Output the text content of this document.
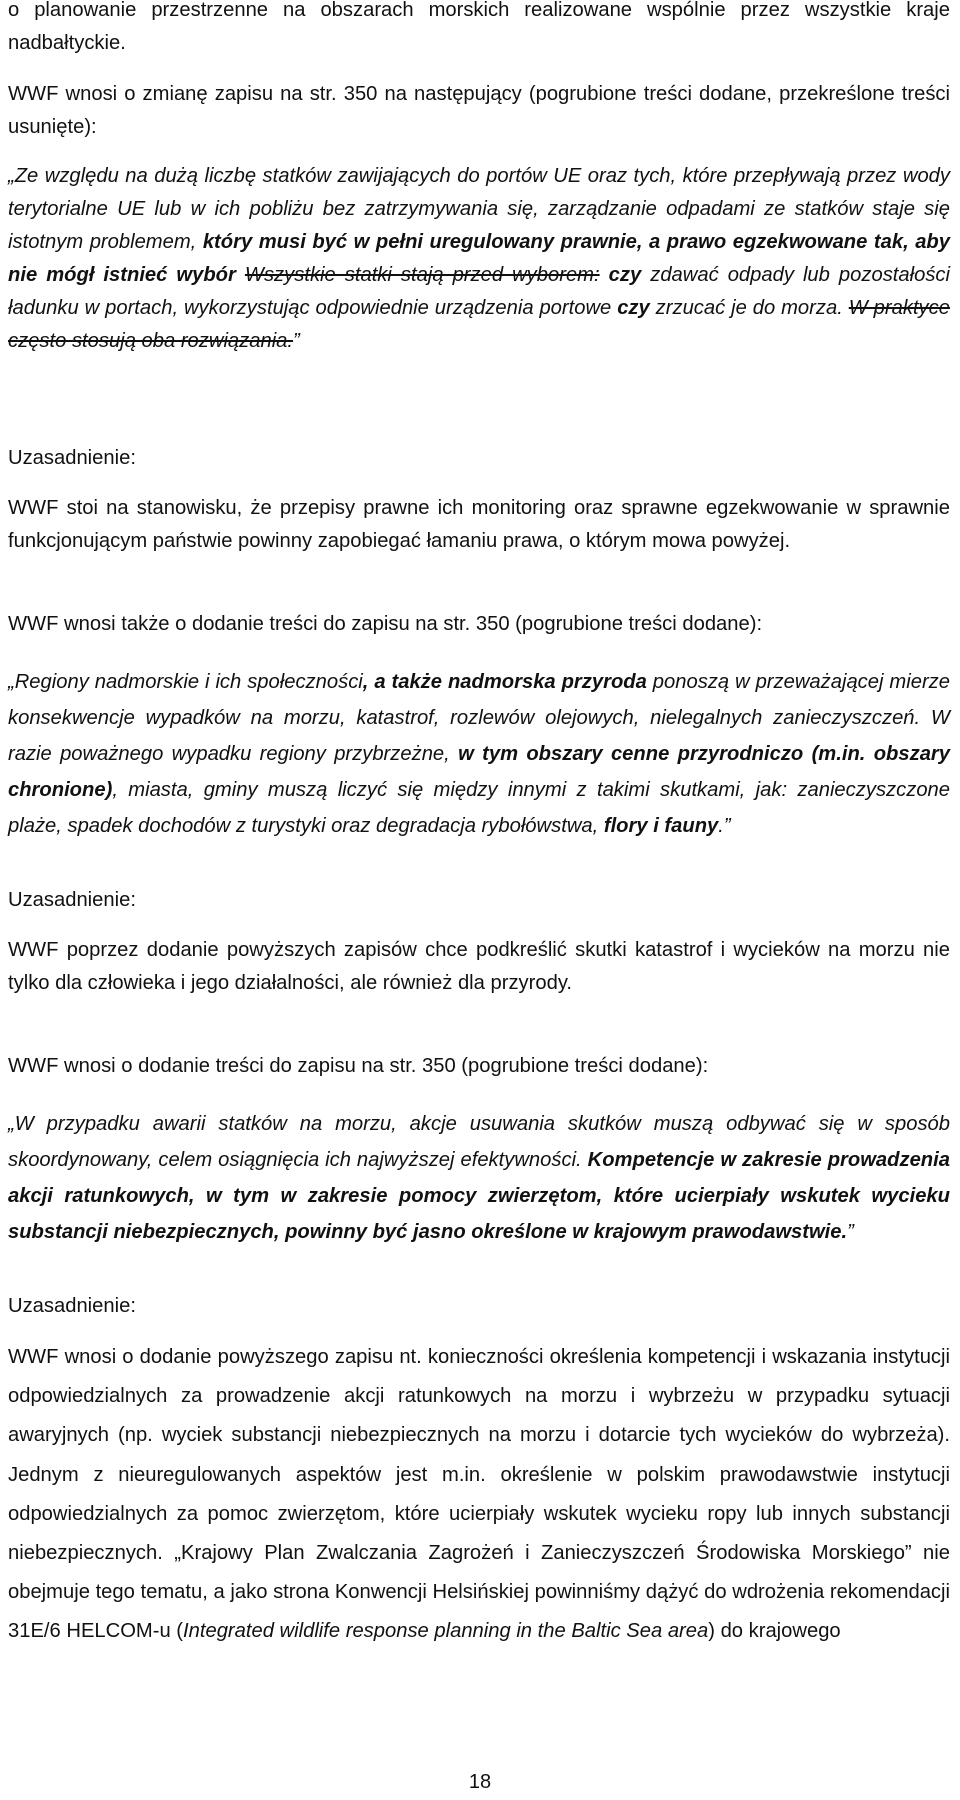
o planowanie przestrzenne na obszarach morskich realizowane wspólnie przez wszystkie kraje nadbałtyckie.

WWF wnosi o zmianę zapisu na str. 350 na następujący (pogrubione treści dodane, przekreślone treści usunięte):

„Ze względu na dużą liczbę statków zawijających do portów UE oraz tych, które przepływają przez wody terytorialne UE lub w ich pobliżu bez zatrzymywania się, zarządzanie odpadami ze statków staje się istotnym problemem, który musi być w pełni uregulowany prawnie, a prawo egzekwowane tak, aby nie mógł istnieć wybór Wszystkie statki stają przed wyborem: czy zdawać odpady lub pozostałości ładunku w portach, wykorzystując odpowiednie urządzenia portowe czy zrzucać je do morza. W praktyce często stosują oba rozwiązania.”

Uzasadnienie:

WWF stoi na stanowisku, że przepisy prawne ich monitoring oraz sprawne egzekwowanie w sprawnie funkcjonującym państwie powinny zapobiegać łamaniu prawa, o którym mowa powyżej.

WWF wnosi także o dodanie treści do zapisu na str. 350 (pogrubione treści dodane):

„Regiony nadmorskie i ich społeczności, a także nadmorska przyroda ponoszą w przeważającej mierze konsekwencje wypadków na morzu, katastrof, rozlewów olejowych, nielegalnych zanieczyszczeń. W razie poważnego wypadku regiony przybrzeżne, w tym obszary cenne przyrodniczo (m.in. obszary chronione), miasta, gminy muszą liczyć się między innymi z takimi skutkami, jak: zanieczyszczone plaże, spadek dochodów z turystyki oraz degradacja rybołówstwa, flory i fauny.”

Uzasadnienie:

WWF poprzez dodanie powyższych zapisów chce podkreślić skutki katastrof i wycieków na morzu nie tylko dla człowieka i jego działalności, ale również dla przyrody.

WWF wnosi o dodanie treści do zapisu na str. 350 (pogrubione treści dodane):

„W przypadku awarii statków na morzu, akcje usuwania skutków muszą odbywać się w sposób skoordynowany, celem osiągnięcia ich najwyższej efektywności. Kompetencje w zakresie prowadzenia akcji ratunkowych, w tym w zakresie pomocy zwierzętom, które ucierpiały wskutek wycieku substancji niebezpiecznych, powinny być jasno określone w krajowym prawodawstwie.”

Uzasadnienie:

WWF wnosi o dodanie powyższego zapisu nt. konieczności określenia kompetencji i wskazania instytucji odpowiedzialnych za prowadzenie akcji ratunkowych na morzu i wybrzeżu w przypadku sytuacji awaryjnych (np. wyciek substancji niebezpiecznych na morzu i dotarcie tych wycieków do wybrzeża). Jednym z nieuregulowanych aspektów jest m.in. określenie w polskim prawodawstwie instytucji odpowiedzialnych za pomoc zwierzętom, które ucierpiały wskutek wycieku ropy lub innych substancji niebezpiecznych. „Krajowy Plan Zwalczania Zagrożeń i Zanieczyszczeń Środowiska Morskiego” nie obejmuje tego tematu, a jako strona Konwencji Helsińskiej powinniśmy dążyć do wdrożenia rekomendacji 31E/6 HELCOM-u (Integrated wildlife response planning in the Baltic Sea area) do krajowego

18
